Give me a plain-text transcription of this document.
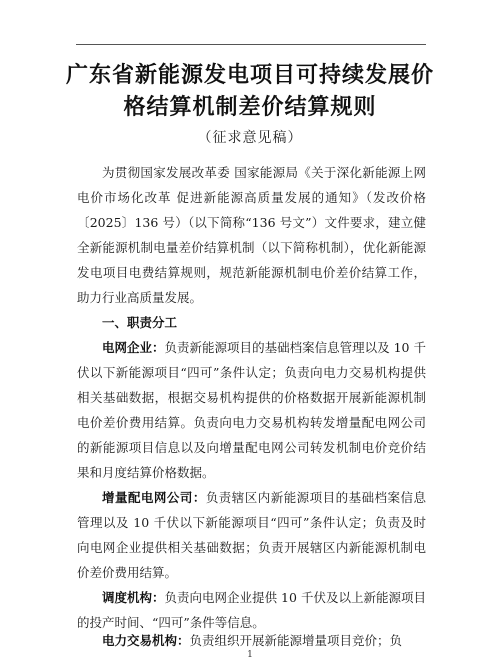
广东省新能源发电项目可持续发展价格结算机制差价结算规则
（征求意见稿）
为贯彻国家发展改革委 国家能源局《关于深化新能源上网电价市场化改革 促进新能源高质量发展的通知》（发改价格〔2025〕136 号）（以下简称“136 号文”）文件要求，建立健全新能源机制电量差价结算机制（以下简称机制），优化新能源发电项目电费结算规则，规范新能源机制电价差价结算工作，助力行业高质量发展。
一、职责分工
电网企业：负责新能源项目的基础档案信息管理以及 10 千伏以下新能源项目“四可”条件认定；负责向电力交易机构提供相关基础数据，根据交易机构提供的价格数据开展新能源机制电价差价费用结算。负责向电力交易机构转发增量配电网公司的新能源项目信息以及向增量配电网公司转发机制电价竞价结果和月度结算价格数据。
增量配电网公司：负责辖区内新能源项目的基础档案信息管理以及 10 千伏以下新能源项目“四可”条件认定；负责及时向电网企业提供相关基础数据；负责开展辖区内新能源机制电价差价费用结算。
调度机构：负责向电网企业提供 10 千伏及以上新能源项目的投产时间、“四可”条件等信息。
电力交易机构：负责组织开展新能源增量项目竞价；负
1
